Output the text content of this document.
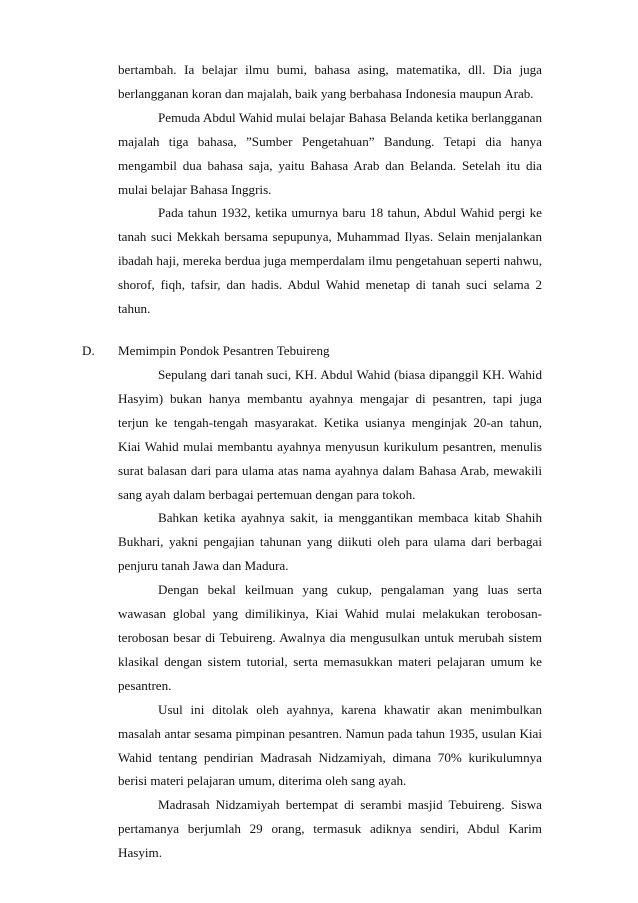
bertambah. Ia belajar ilmu bumi, bahasa asing, matematika, dll. Dia juga berlangganan koran dan majalah, baik yang berbahasa Indonesia maupun Arab.

Pemuda Abdul Wahid mulai belajar Bahasa Belanda ketika berlangganan majalah tiga bahasa, ”Sumber Pengetahuan” Bandung. Tetapi dia hanya mengambil dua bahasa saja, yaitu Bahasa Arab dan Belanda. Setelah itu dia mulai belajar Bahasa Inggris.

Pada tahun 1932, ketika umurnya baru 18 tahun, Abdul Wahid pergi ke tanah suci Mekkah bersama sepupunya, Muhammad Ilyas. Selain menjalankan ibadah haji, mereka berdua juga memperdalam ilmu pengetahuan seperti nahwu, shorof, fiqh, tafsir, dan hadis. Abdul Wahid menetap di tanah suci selama 2 tahun.

D. Memimpin Pondok Pesantren Tebuireng

Sepulang dari tanah suci, KH. Abdul Wahid (biasa dipanggil KH. Wahid Hasyim) bukan hanya membantu ayahnya mengajar di pesantren, tapi juga terjun ke tengah-tengah masyarakat. Ketika usianya menginjak 20-an tahun, Kiai Wahid mulai membantu ayahnya menyusun kurikulum pesantren, menulis surat balasan dari para ulama atas nama ayahnya dalam Bahasa Arab, mewakili sang ayah dalam berbagai pertemuan dengan para tokoh.

Bahkan ketika ayahnya sakit, ia menggantikan membaca kitab Shahih Bukhari, yakni pengajian tahunan yang diikuti oleh para ulama dari berbagai penjuru tanah Jawa dan Madura.

Dengan bekal keilmuan yang cukup, pengalaman yang luas serta wawasan global yang dimilikinya, Kiai Wahid mulai melakukan terobosan-terobosan besar di Tebuireng. Awalnya dia mengusulkan untuk merubah sistem klasikal dengan sistem tutorial, serta memasukkan materi pelajaran umum ke pesantren.

Usul ini ditolak oleh ayahnya, karena khawatir akan menimbulkan masalah antar sesama pimpinan pesantren. Namun pada tahun 1935, usulan Kiai Wahid tentang pendirian Madrasah Nidzamiyah, dimana 70% kurikulumnya berisi materi pelajaran umum, diterima oleh sang ayah.

Madrasah Nidzamiyah bertempat di serambi masjid Tebuireng. Siswa pertamanya berjumlah 29 orang, termasuk adiknya sendiri, Abdul Karim Hasyim.
